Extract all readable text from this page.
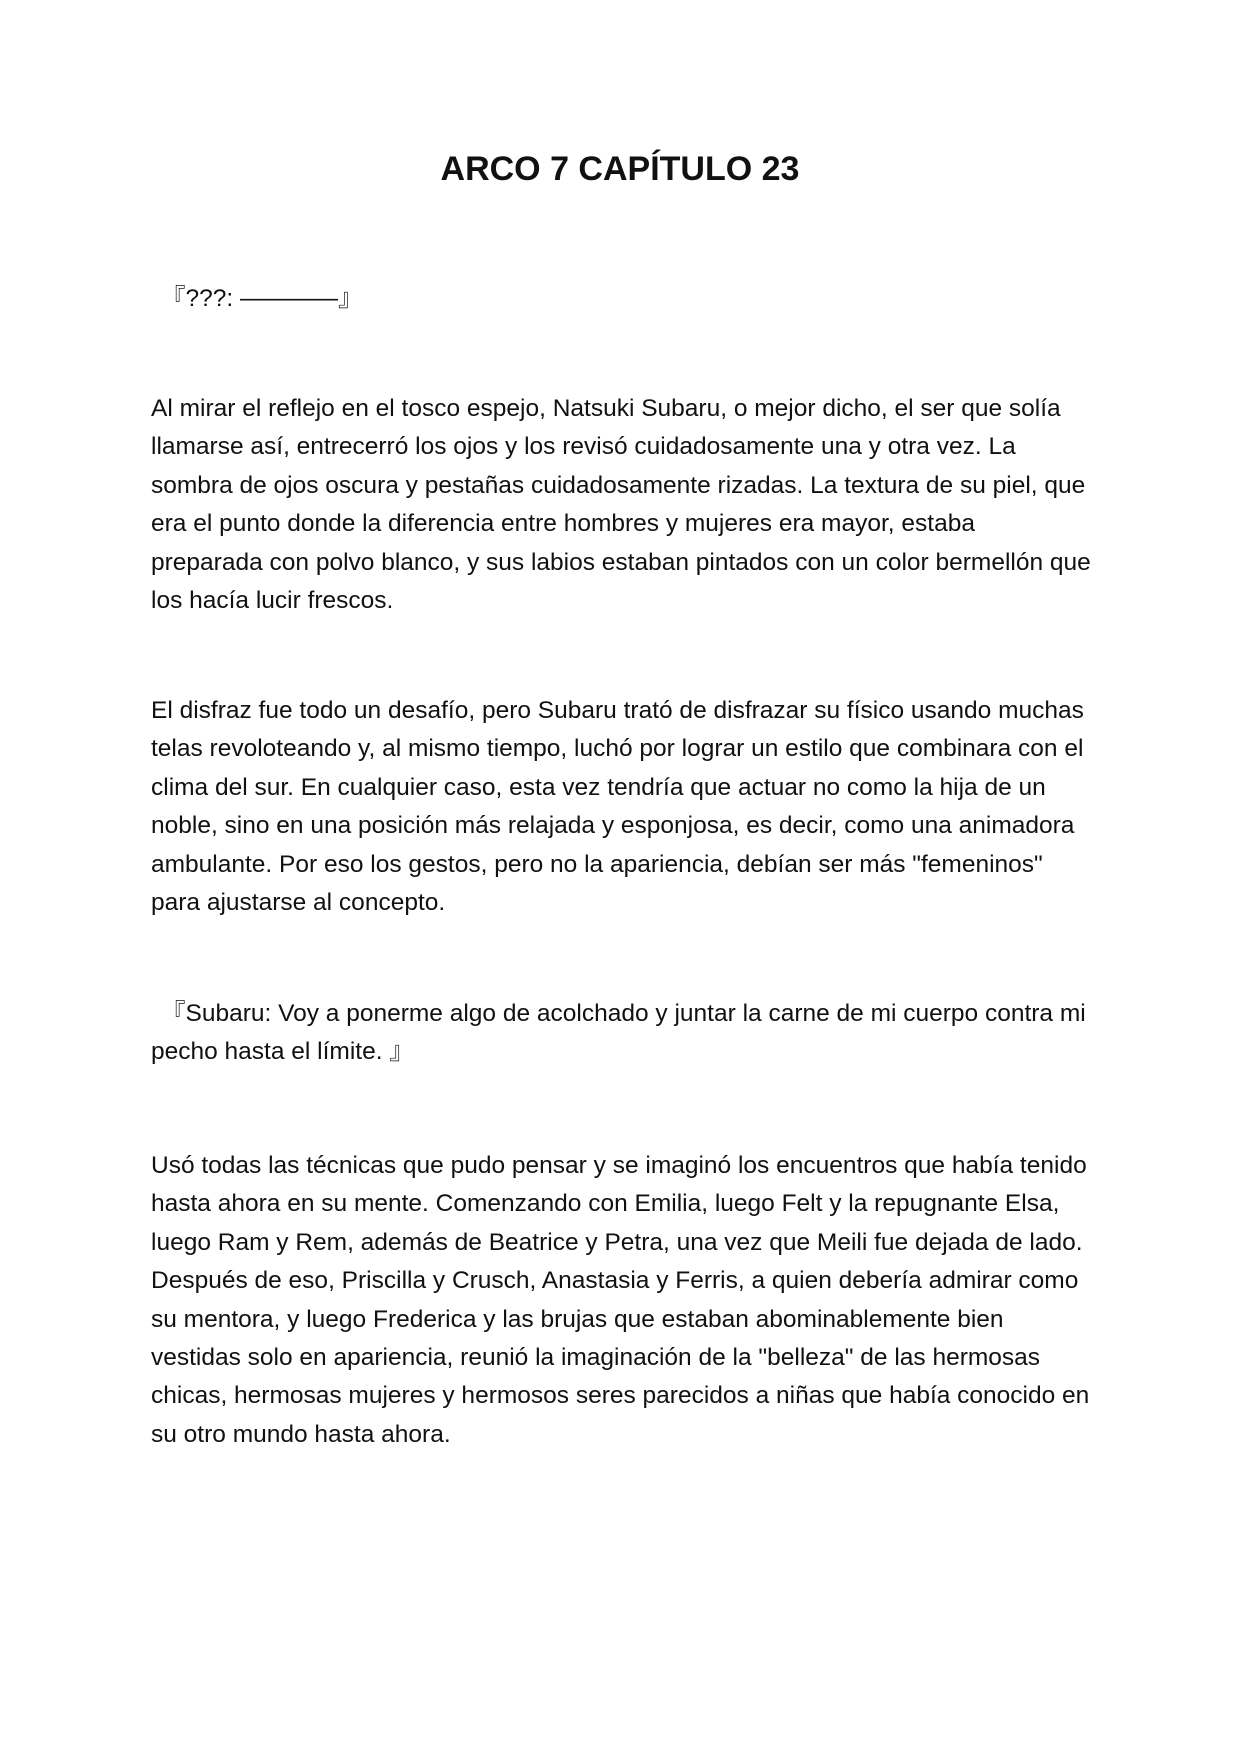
ARCO 7 CAPÍTULO 23

『???: ————』

Al mirar el reflejo en el tosco espejo, Natsuki Subaru, o mejor dicho, el ser que solía llamarse así, entrecerró los ojos y los revisó cuidadosamente una y otra vez. La sombra de ojos oscura y pestañas cuidadosamente rizadas. La textura de su piel, que era el punto donde la diferencia entre hombres y mujeres era mayor, estaba preparada con polvo blanco, y sus labios estaban pintados con un color bermellón que los hacía lucir frescos.

El disfraz fue todo un desafío, pero Subaru trató de disfrazar su físico usando muchas telas revoloteando y, al mismo tiempo, luchó por lograr un estilo que combinara con el clima del sur. En cualquier caso, esta vez tendría que actuar no como la hija de un noble, sino en una posición más relajada y esponjosa, es decir, como una animadora ambulante. Por eso los gestos, pero no la apariencia, debían ser más "femeninos" para ajustarse al concepto.

『Subaru: Voy a ponerme algo de acolchado y juntar la carne de mi cuerpo contra mi pecho hasta el límite. 』

Usó todas las técnicas que pudo pensar y se imaginó los encuentros que había tenido hasta ahora en su mente. Comenzando con Emilia, luego Felt y la repugnante Elsa, luego Ram y Rem, además de Beatrice y Petra, una vez que Meili fue dejada de lado. Después de eso, Priscilla y Crusch, Anastasia y Ferris, a quien debería admirar como su mentora, y luego Frederica y las brujas que estaban abominablemente bien vestidas solo en apariencia, reunió la imaginación de la "belleza" de las hermosas chicas, hermosas mujeres y hermosos seres parecidos a niñas que había conocido en su otro mundo hasta ahora.
